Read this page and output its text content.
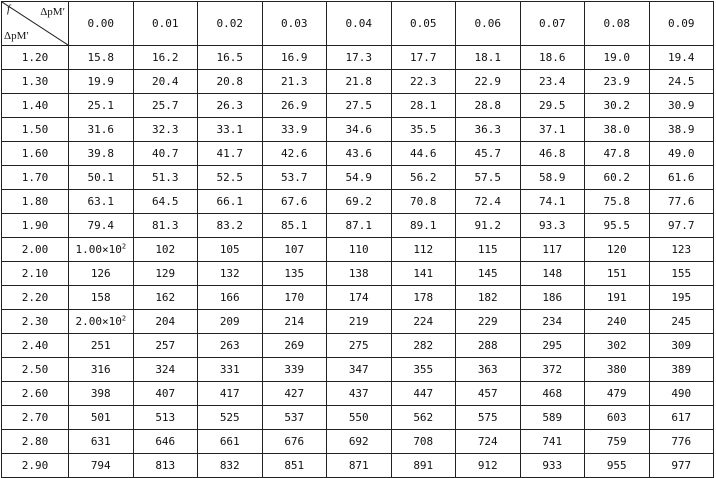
f ΔpM′
ΔpM′	0.00	0.01	0.02	0.03	0.04	0.05	0.06	0.07	0.08	0.09
1.20	15.8	16.2	16.5	16.9	17.3	17.7	18.1	18.6	19.0	19.4
1.30	19.9	20.4	20.8	21.3	21.8	22.3	22.9	23.4	23.9	24.5
1.40	25.1	25.7	26.3	26.9	27.5	28.1	28.8	29.5	30.2	30.9
1.50	31.6	32.3	33.1	33.9	34.6	35.5	36.3	37.1	38.0	38.9
1.60	39.8	40.7	41.7	42.6	43.6	44.6	45.7	46.8	47.8	49.0
1.70	50.1	51.3	52.5	53.7	54.9	56.2	57.5	58.9	60.2	61.6
1.80	63.1	64.5	66.1	67.6	69.2	70.8	72.4	74.1	75.8	77.6
1.90	79.4	81.3	83.2	85.1	87.1	89.1	91.2	93.3	95.5	97.7
2.00	$1.00\times 10^2$	102	105	107	110	112	115	117	120	123
2.10	126	129	132	135	138	141	145	148	151	155
2.20	158	162	166	170	174	178	182	186	191	195
2.30	$2.00\times 10^2$	204	209	214	219	224	229	234	240	245
2.40	251	257	263	269	275	282	288	295	302	309
2.50	316	324	331	339	347	355	363	372	380	389
2.60	398	407	417	427	437	447	457	468	479	490
2.70	501	513	525	537	550	562	575	589	603	617
2.80	631	646	661	676	692	708	724	741	759	776
2.90	794	813	832	851	871	891	912	933	955	977
